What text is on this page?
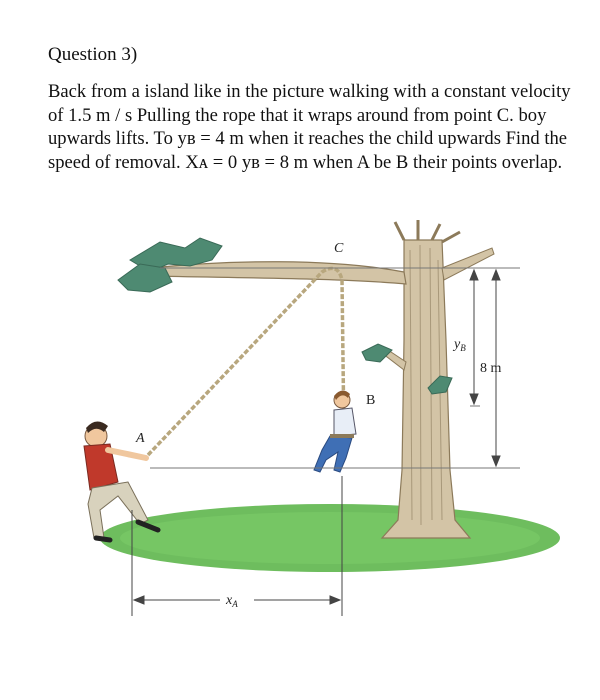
Question 3)

Back from a island like in the picture walking with a constant velocity
of 1.5 m / s Pulling the rope that it wraps around from point C. boy
upwards lifts. To yʙ = 4 m when it reaches the child upwards Find the
speed of removal. Xᴀ = 0 yʙ = 8 m when A be B their points overlap.

C
A
B
$y_B$
8 m
$x_A$
